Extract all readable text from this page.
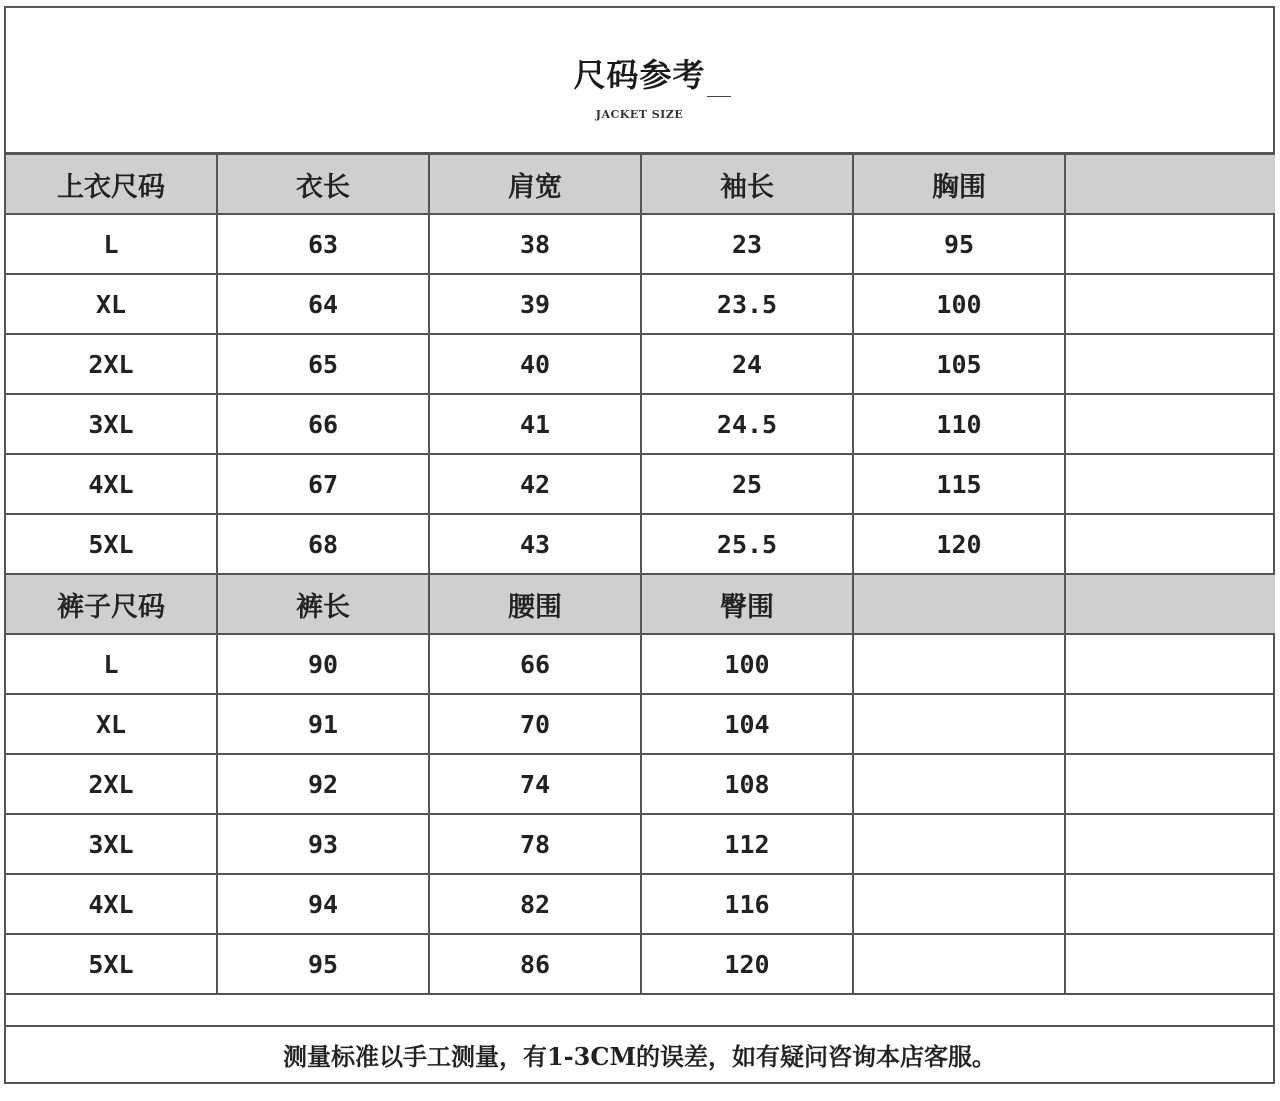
尺码参考
JACKET SIZE
上衣尺码	衣长	肩宽	袖长	胸围	
L	63	38	23	95	
XL	64	39	23.5	100	
2XL	65	40	24	105	
3XL	66	41	24.5	110	
4XL	67	42	25	115	
5XL	68	43	25.5	120	
裤子尺码	裤长	腰围	臀围		
L	90	66	100		
XL	91	70	104		
2XL	92	74	108		
3XL	93	78	112		
4XL	94	82	116		
5XL	95	86	120		
测量标准以手工测量，有1-3CM的误差，如有疑问咨询本店客服。
